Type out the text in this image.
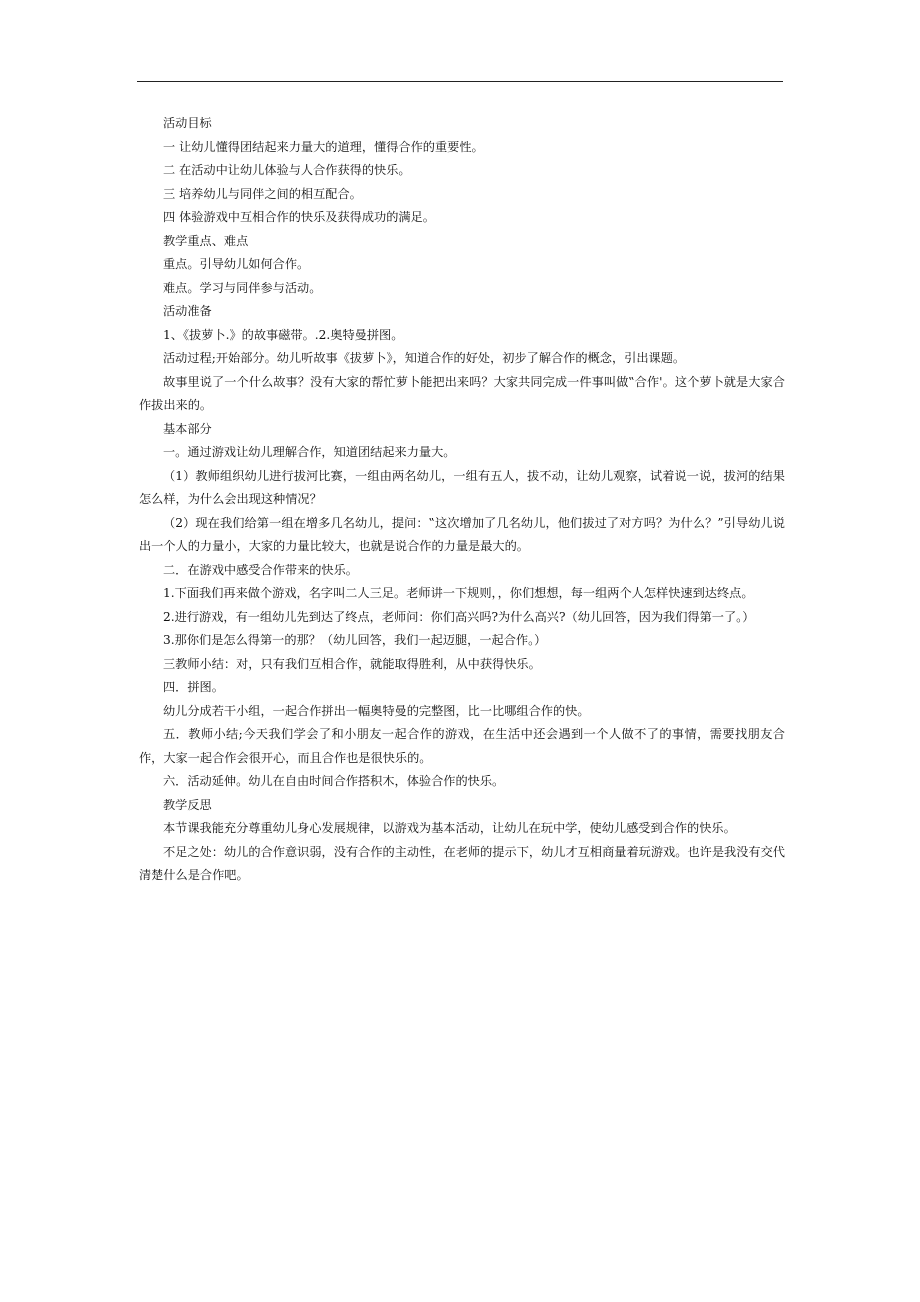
活动目标

一 让幼儿懂得团结起来力量大的道理，懂得合作的重要性。

二 在活动中让幼儿体验与人合作获得的快乐。

三 培养幼儿与同伴之间的相互配合。

四 体验游戏中互相合作的快乐及获得成功的满足。

教学重点、难点

重点。引导幼儿如何合作。

难点。学习与同伴参与活动。

活动准备

1、《拔萝卜.》的故事磁带。.2.奥特曼拼图。

活动过程;开始部分。幼儿听故事《拔萝卜》，知道合作的好处，初步了解合作的概念，引出课题。

故事里说了一个什么故事？没有大家的帮忙萝卜能把出来吗？大家共同完成一件事叫做‟合作'。这个萝卜就是大家合作拔出来的。

基本部分

一。通过游戏让幼儿理解合作，知道团结起来力量大。

（1）教师组织幼儿进行拔河比赛，一组由两名幼儿，一组有五人，拔不动，让幼儿观察，试着说一说，拔河的结果怎么样，为什么会出现这种情况？

（2）现在我们给第一组在增多几名幼儿，提问：‟这次增加了几名幼儿，他们拔过了对方吗？为什么？”引导幼儿说出一个人的力量小，大家的力量比较大，也就是说合作的力量是最大的。

二．在游戏中感受合作带来的快乐。

1.下面我们再来做个游戏，名字叫二人三足。老师讲一下规则，，你们想想，每一组两个人怎样快速到达终点。

2.进行游戏，有一组幼儿先到达了终点，老师问：你们高兴吗?为什么高兴?（幼儿回答，因为我们得第一了。）

3.那你们是怎么得第一的那？（幼儿回答，我们一起迈腿，一起合作。）

三教师小结：对，只有我们互相合作，就能取得胜利，从中获得快乐。

四．拼图。

幼儿分成若干小组，一起合作拼出一幅奥特曼的完整图，比一比哪组合作的快。

五．教师小结;今天我们学会了和小朋友一起合作的游戏，在生活中还会遇到一个人做不了的事情，需要找朋友合作，大家一起合作会很开心，而且合作也是很快乐的。

六．活动延伸。幼儿在自由时间合作搭积木，体验合作的快乐。

教学反思

本节课我能充分尊重幼儿身心发展规律，以游戏为基本活动，让幼儿在玩中学，使幼儿感受到合作的快乐。

不足之处：幼儿的合作意识弱，没有合作的主动性，在老师的提示下，幼儿才互相商量着玩游戏。也许是我没有交代清楚什么是合作吧。
